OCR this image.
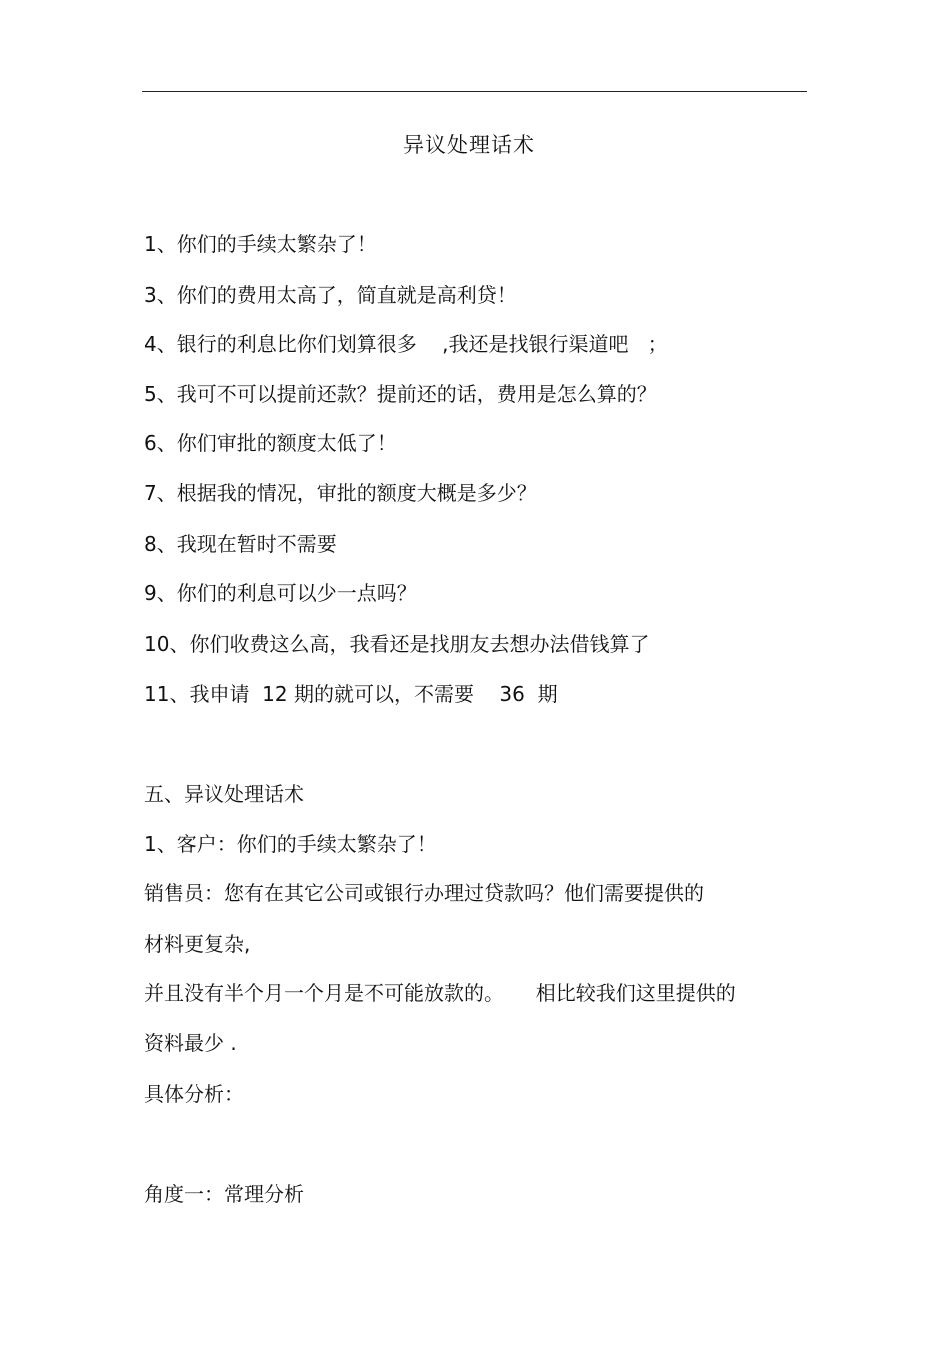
异议处理话术
1、你们的手续太繁杂了！
3、你们的费用太高了，简直就是高利贷！
4、银行的利息比你们划算很多    ,我还是找银行渠道吧   ；
5、我可不可以提前还款？提前还的话，费用是怎么算的？
6、你们审批的额度太低了！
7、根据我的情况，审批的额度大概是多少？
8、我现在暂时不需要
9、你们的利息可以少一点吗？
10、你们收费这么高，我看还是找朋友去想办法借钱算了
11、我申请  12 期的就可以，不需要    36  期
五、异议处理话术
1、客户：你们的手续太繁杂了！
销售员：您有在其它公司或银行办理过贷款吗？他们需要提供的
材料更复杂,
并且没有半个月一个月是不可能放款的。     相比较我们这里提供的
资料最少 .
具体分析：
角度一：常理分析
